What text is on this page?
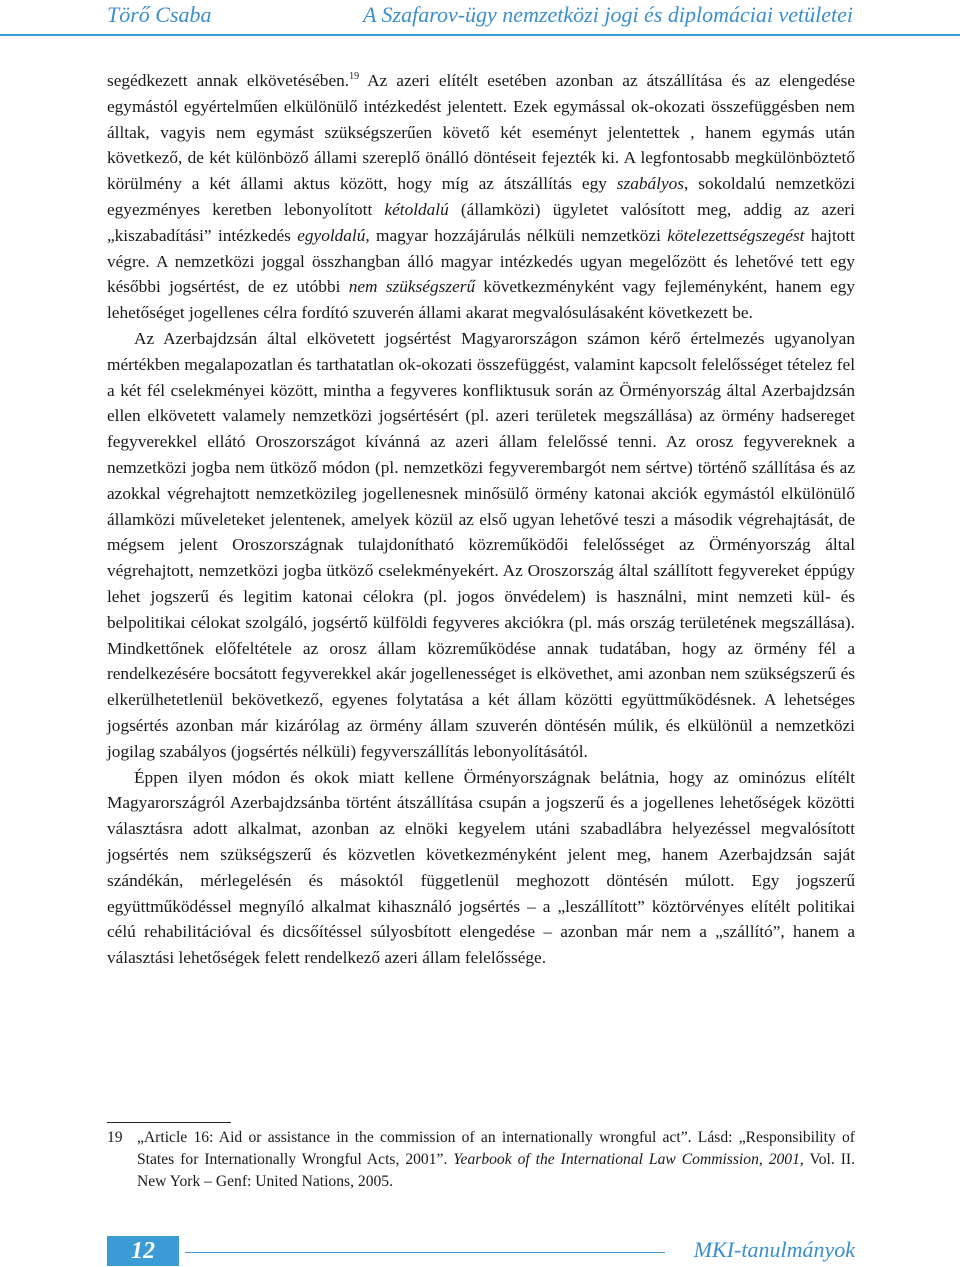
Törő Csaba	A Szafarov-ügy nemzetközi jogi és diplomáciai vetületei

segédkezett annak elkövetésében.$^{19}$ Az azeri elítélt esetében azonban az átszállítása és az elengedése egymástól egyértelműen elkülönülő intézkedést jelentett. Ezek egymással ok-okozati összefüggésben nem álltak, vagyis nem egymást szükségszerűen követő két eseményt jelentettek , hanem egymás után következő, de két különböző állami szereplő önálló döntéseit fejezték ki. A legfontosabb megkülönböztető körülmény a két állami aktus között, hogy míg az átszállítás egy szabályos, sokoldalú nemzetközi egyezményes keretben lebonyolított kétoldalú (államközi) ügyletet valósított meg, addig az azeri „kiszabadítási” intézkedés egyoldalú, magyar hozzájárulás nélküli nemzetközi kötelezettségszegést hajtott végre. A nemzetközi joggal összhangban álló magyar intézkedés ugyan megelőzött és lehetővé tett egy későbbi jogsértést, de ez utóbbi nem szükségszerű következményként vagy fejleményként, hanem egy lehetőséget jogellenes célra fordító szuverén állami akarat megvalósulásaként következett be.

Az Azerbajdzsán által elkövetett jogsértést Magyarországon számon kérő értelmezés ugyanolyan mértékben megalapozatlan és tarthatatlan ok-okozati összefüggést, valamint kapcsolt felelősséget tételez fel a két fél cselekményei között, mintha a fegyveres konfliktusuk során az Örményország által Azerbajdzsán ellen elkövetett valamely nemzetközi jogsértésért (pl. azeri területek megszállása) az örmény hadsereget fegyverekkel ellátó Oroszországot kívánná az azeri állam felelőssé tenni. Az orosz fegyvereknek a nemzetközi jogba nem ütköző módon (pl. nemzetközi fegyverembargót nem sértve) történő szállítása és az azokkal végrehajtott nemzetközileg jogellenesnek minősülő örmény katonai akciók egymástól elkülönülő államközi műveleteket jelentenek, amelyek közül az első ugyan lehetővé teszi a második végrehajtását, de mégsem jelent Oroszországnak tulajdonítható közreműködői felelősséget az Örményország által végrehajtott, nemzetközi jogba ütköző cselekményekért. Az Oroszország által szállított fegyvereket éppúgy lehet jogszerű és legitim katonai célokra (pl. jogos önvédelem) is használni, mint nemzeti kül- és belpolitikai célokat szolgáló, jogsértő külföldi fegyveres akciókra (pl. más ország területének megszállása). Mindkettőnek előfeltétele az orosz állam közreműködése annak tudatában, hogy az örmény fél a rendelkezésére bocsátott fegyverekkel akár jogellenességet is elkövethet, ami azonban nem szükségszerű és elkerülhetetlenül bekövetkező, egyenes folytatása a két állam közötti együttműködésnek. A lehetséges jogsértés azonban már kizárólag az örmény állam szuverén döntésén múlik, és elkülönül a nemzetközi jogilag szabályos (jogsértés nélküli) fegyverszállítás lebonyolításától.

Éppen ilyen módon és okok miatt kellene Örményországnak belátnia, hogy az ominózus elítélt Magyarországról Azerbajdzsánba történt átszállítása csupán a jogszerű és a jogellenes lehetőségek közötti választásra adott alkalmat, azonban az elnöki kegyelem utáni szabadlábra helyezéssel megvalósított jogsértés nem szükségszerű és közvetlen következményként jelent meg, hanem Azerbajdzsán saját szándékán, mérlegelésén és másoktól függetlenül meghozott döntésén múlott. Egy jogszerű együttműködéssel megnyíló alkalmat kihasználó jogsértés – a „leszállított” köztörvényes elítélt politikai célú rehabilitációval és dicsőítéssel súlyosbított elengedése – azonban már nem a „szállító”, hanem a választási lehetőségek felett rendelkező azeri állam felelőssége.

19 „Article 16: Aid or assistance in the commission of an internationally wrongful act”. Lásd: „Responsibility of States for Internationally Wrongful Acts, 2001”. Yearbook of the International Law Commission, 2001, Vol. II. New York – Genf: United Nations, 2005.
12	MKI-tanulmányok
